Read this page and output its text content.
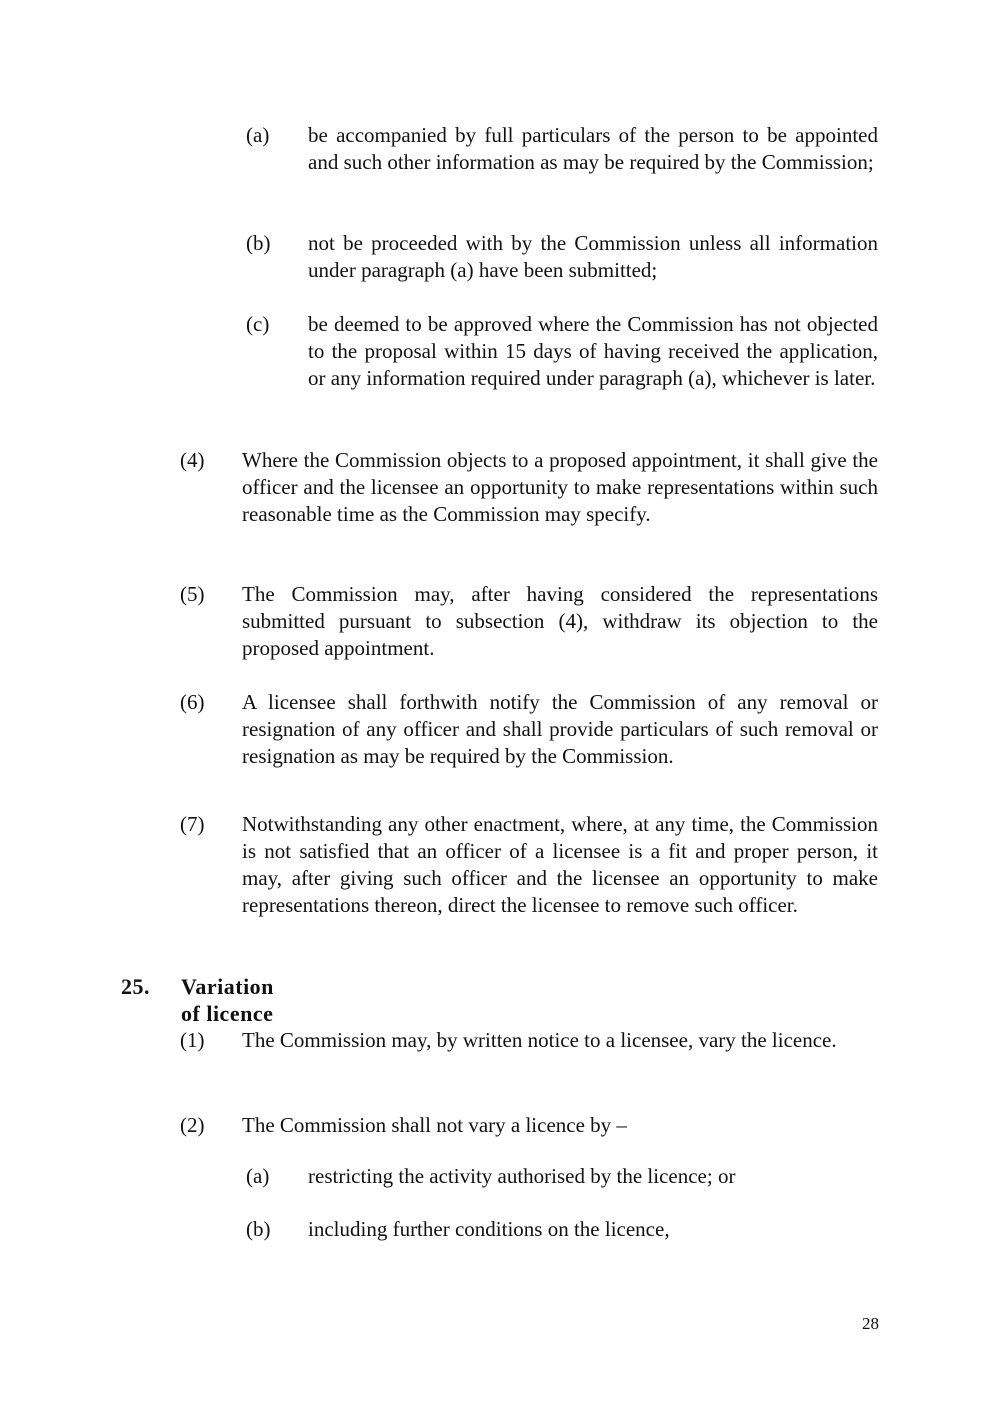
(a) be accompanied by full particulars of the person to be appointed and such other information as may be required by the Commission;
(b) not be proceeded with by the Commission unless all information under paragraph (a) have been submitted;
(c) be deemed to be approved where the Commission has not objected to the proposal within 15 days of having received the application, or any information required under paragraph (a), whichever is later.
(4) Where the Commission objects to a proposed appointment, it shall give the officer and the licensee an opportunity to make representations within such reasonable time as the Commission may specify.
(5) The Commission may, after having considered the representations submitted pursuant to subsection (4), withdraw its objection to the proposed appointment.
(6) A licensee shall forthwith notify the Commission of any removal or resignation of any officer and shall provide particulars of such removal or resignation as may be required by the Commission.
(7) Notwithstanding any other enactment, where, at any time, the Commission is not satisfied that an officer of a licensee is a fit and proper person, it may, after giving such officer and the licensee an opportunity to make representations thereon, direct the licensee to remove such officer.
25. Variation of licence
(1) The Commission may, by written notice to a licensee, vary the licence.
(2) The Commission shall not vary a licence by –
(a) restricting the activity authorised by the licence; or
(b) including further conditions on the licence,
28
